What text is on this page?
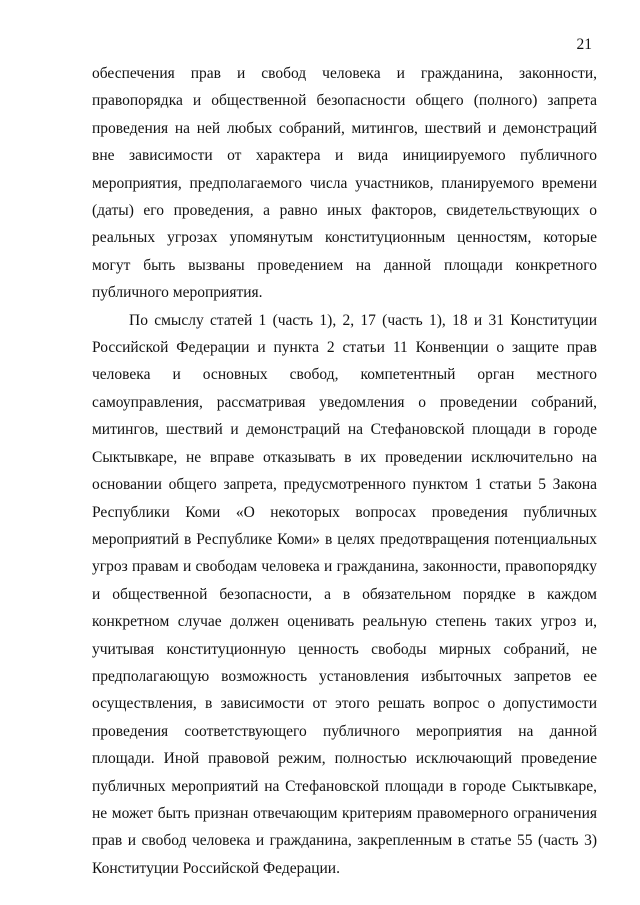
21

обеспечения прав и свобод человека и гражданина, законности, правопорядка и общественной безопасности общего (полного) запрета проведения на ней любых собраний, митингов, шествий и демонстраций вне зависимости от характера и вида инициируемого публичного мероприятия, предполагаемого числа участников, планируемого времени (даты) его проведения, а равно иных факторов, свидетельствующих о реальных угрозах упомянутым конституционным ценностям, которые могут быть вызваны проведением на данной площади конкретного публичного мероприятия.

По смыслу статей 1 (часть 1), 2, 17 (часть 1), 18 и 31 Конституции Российской Федерации и пункта 2 статьи 11 Конвенции о защите прав человека и основных свобод, компетентный орган местного самоуправления, рассматривая уведомления о проведении собраний, митингов, шествий и демонстраций на Стефановской площади в городе Сыктывкаре, не вправе отказывать в их проведении исключительно на основании общего запрета, предусмотренного пунктом 1 статьи 5 Закона Республики Коми «О некоторых вопросах проведения публичных мероприятий в Республике Коми» в целях предотвращения потенциальных угроз правам и свободам человека и гражданина, законности, правопорядку и общественной безопасности, а в обязательном порядке в каждом конкретном случае должен оценивать реальную степень таких угроз и, учитывая конституционную ценность свободы мирных собраний, не предполагающую возможность установления избыточных запретов ее осуществления, в зависимости от этого решать вопрос о допустимости проведения соответствующего публичного мероприятия на данной площади. Иной правовой режим, полностью исключающий проведение публичных мероприятий на Стефановской площади в городе Сыктывкаре, не может быть признан отвечающим критериям правомерного ограничения прав и свобод человека и гражданина, закрепленным в статье 55 (часть 3) Конституции Российской Федерации.
